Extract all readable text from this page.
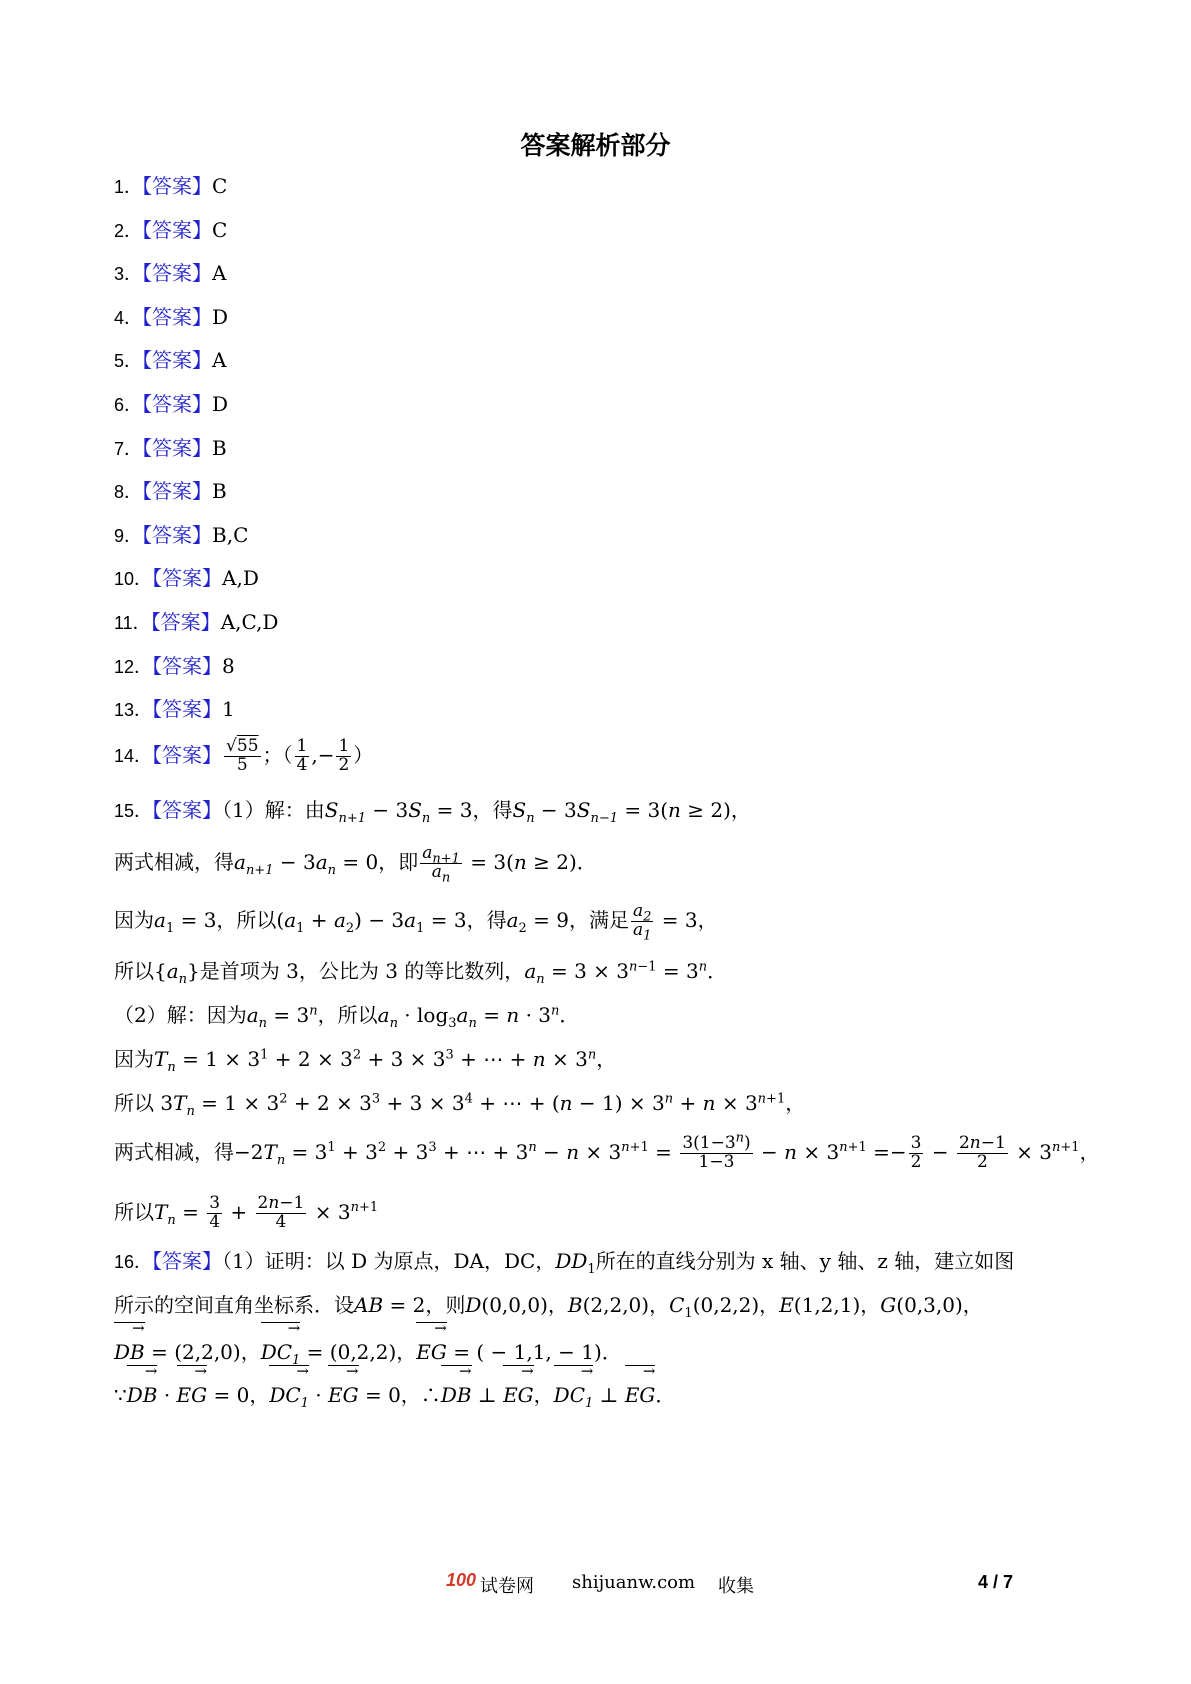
答案解析部分
1．【答案】C
2．【答案】C
3．【答案】A
4．【答案】D
5．【答案】A
6．【答案】D
7．【答案】B
8．【答案】B
9．【答案】B,C
10．【答案】A,D
11．【答案】A,C,D
12．【答案】8
13．【答案】1
14．【答案】 $\frac{√55}{5}$ ；（ $\frac{1}{4}$ ,− $\frac{1}{2}$ ）
15．【答案】（1）解：由$S_{n+1} - 3S_n = 3$，得$S_n - 3S_{n-1} = 3(n \ge 2)$，
两式相减，得$a_{n+1} - 3a_n = 0$，即 $\frac{a_{n+1}}{a_n} = 3(n \ge 2)$．
因为$a_1 = 3$，所以$(a_1 + a_2) - 3a_1 = 3$，得$a_2 = 9$，满足 $\frac{a_2}{a_1} = 3$，
所以$\{a_n\}$是首项为 3，公比为 3 的等比数列，$a_n = 3 \times 3^{n-1} = 3^n$．
（2）解：因为$a_n = 3^n$，所以$a_n \cdot \log_3a_n = n \cdot 3^n$．
因为$T_n = 1 \times 3^1 + 2 \times 3^2 + 3 \times 3^3$ + ⋯ + $n \times 3^n$，
所以 $3T_n = 1 \times 3^2 + 2 \times 3^3 + 3 \times 3^4$ + ⋯ + $(n - 1) \times 3^n + n \times 3^{n+1}$，
两式相减，得$-2T_n = 3^1 + 3^2 + 3^3$ + ⋯ + $3^n - n \times 3^{n+1} = \frac{3(1-3^n)}{1-3} - n \times 3^{n+1} =- \frac{3}{2} - \frac{2n-1}{2} \times 3^{n+1}$，
所以$T_n = \frac{3}{4} + \frac{2n-1}{4} \times 3^{n+1}$
16．【答案】（1）证明：以 D 为原点，DA，DC，$DD_1$所在的直线分别为 x 轴、y 轴、z 轴，建立如图
所示的空间直角坐标系．设AB = 2，则D(0,0,0)，B(2,2,0)，$C_1(0,2,2)$，E(1,2,1)，G(0,3,0)，
→ DB = (2,2,0)，→ $DC_1 = (0,2,2)$，→ EG = ( − 1,1, − 1)．
∵→ DB · → EG = 0，→ $DC_1$ · → EG = 0，∴→ DB ⊥ → EG，→ $DC_1$ ⊥ → EG．
100 试卷网 shijuanw.com 收集	4 / 7
